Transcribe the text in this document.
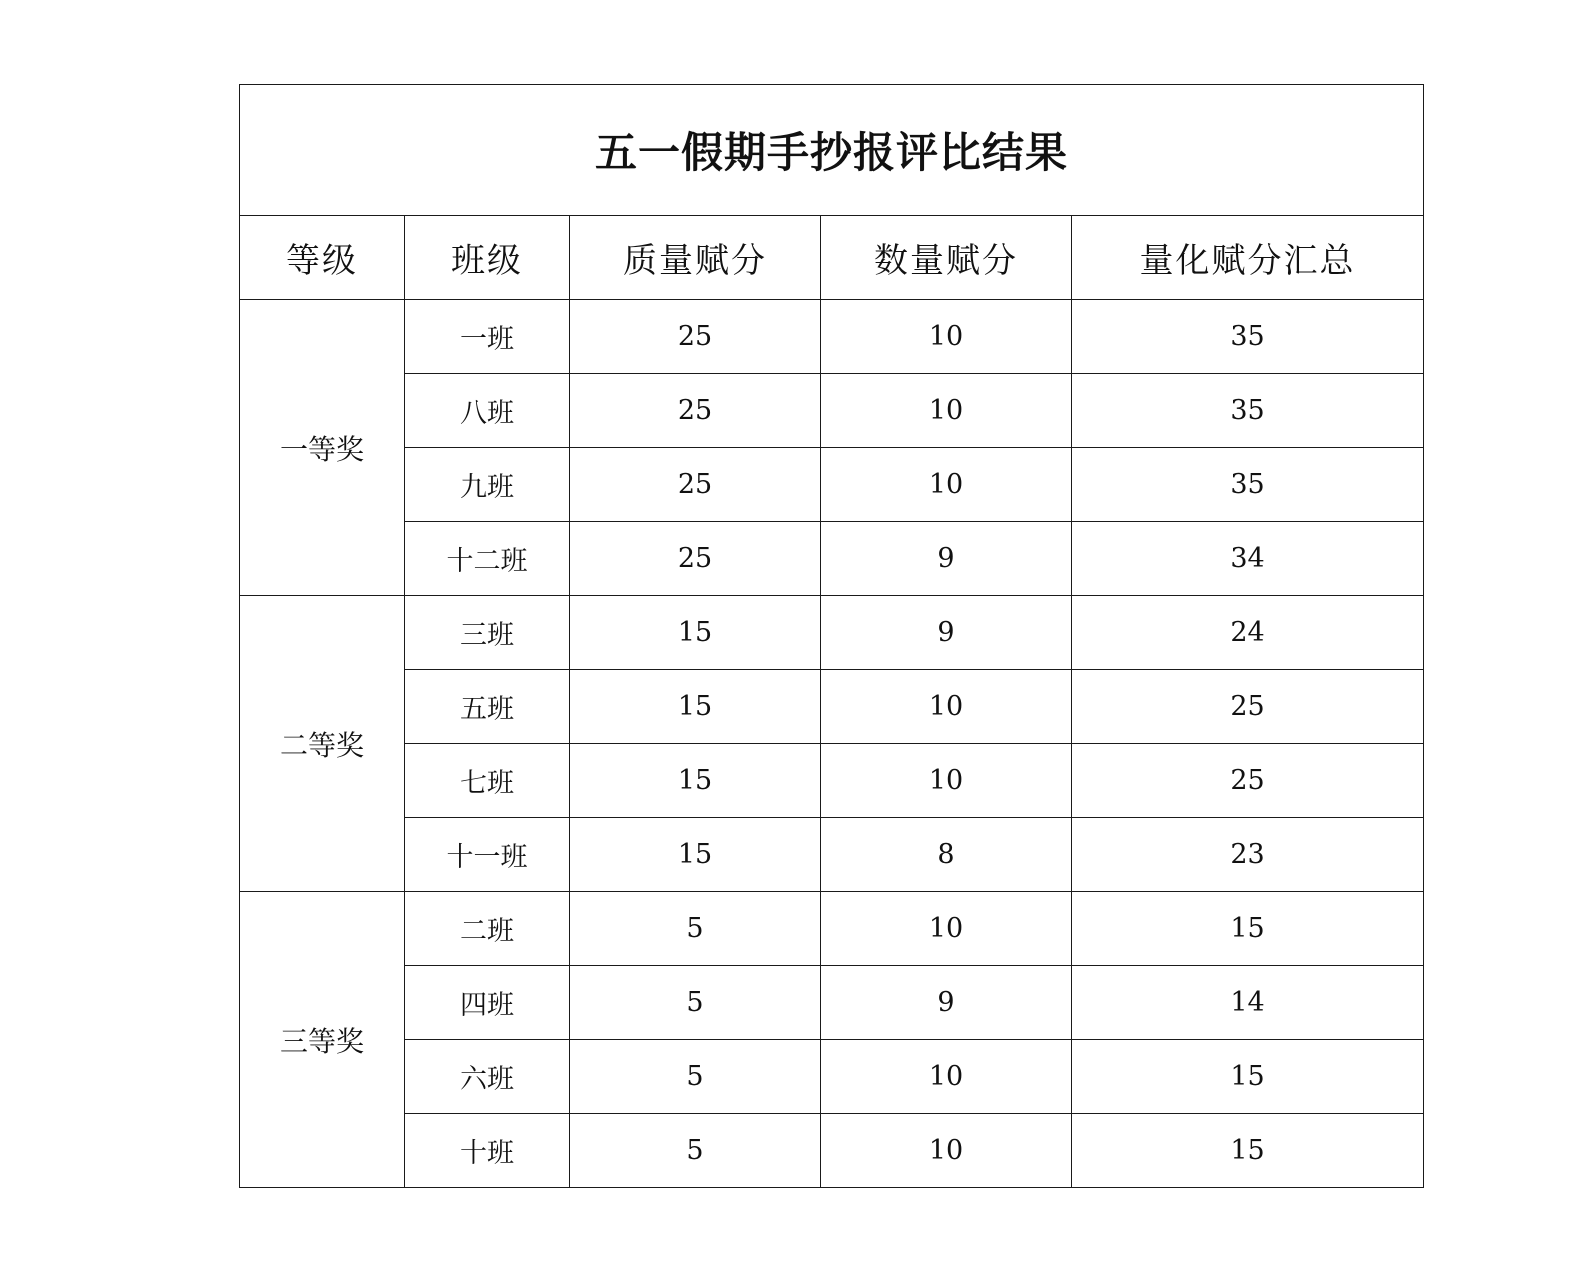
五一假期手抄报评比结果				
等级	班级	质量赋分	数量赋分	量化赋分汇总
一等奖	一班	25	10	35
	八班	25	10	35
	九班	25	10	35
	十二班	25	9	34
二等奖	三班	15	9	24
	五班	15	10	25
	七班	15	10	25
	十一班	15	8	23
三等奖	二班	5	10	15
	四班	5	9	14
	六班	5	10	15
	十班	5	10	15
